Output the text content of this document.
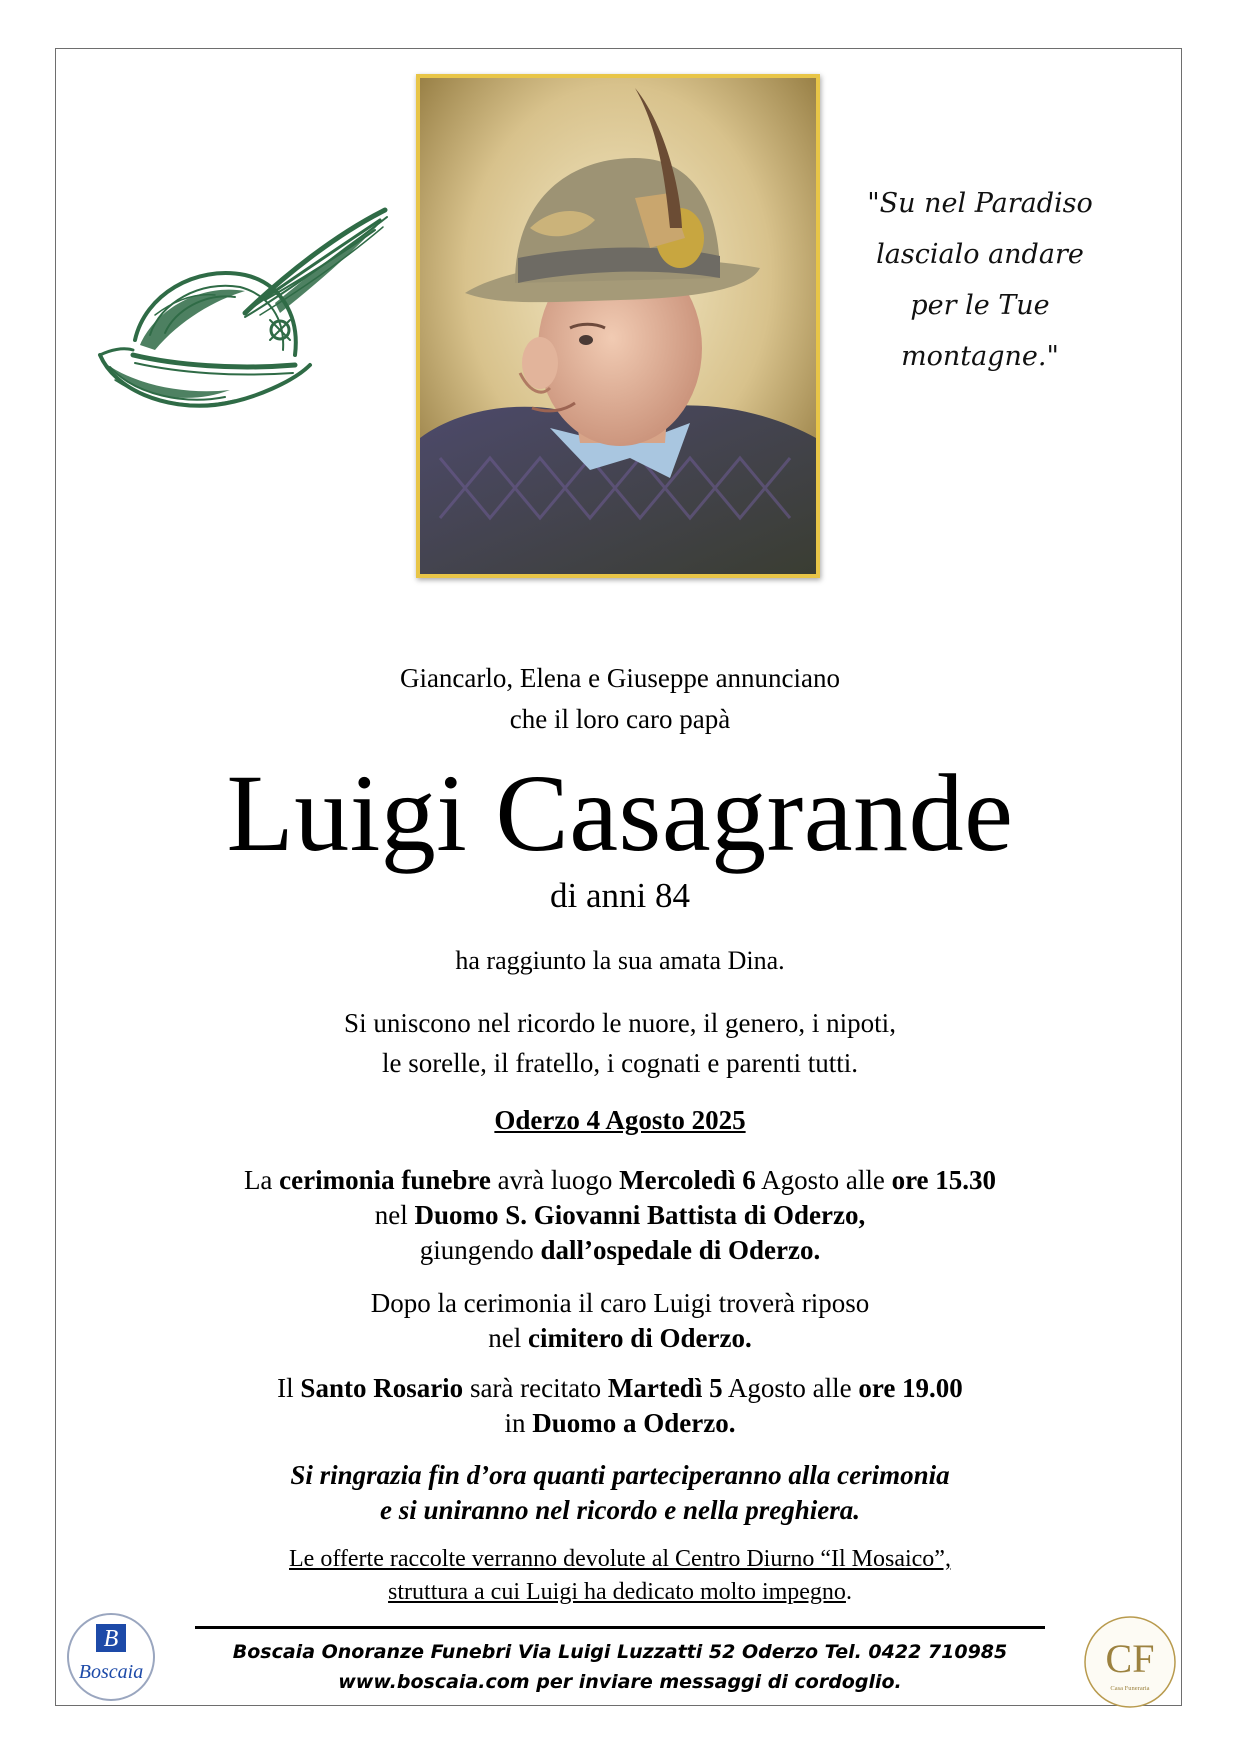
"Su nel Paradiso
lascialo andare
per le Tue
montagne."
Giancarlo, Elena e Giuseppe annunciano
che il loro caro papà
Luigi Casagrande
di anni 84
ha raggiunto la sua amata Dina.
Si uniscono nel ricordo le nuore, il genero, i nipoti,
le sorelle, il fratello, i cognati e parenti tutti.
Oderzo 4 Agosto 2025
La cerimonia funebre avrà luogo Mercoledì 6 Agosto alle ore 15.30
nel Duomo S. Giovanni Battista di Oderzo,
giungendo dall’ospedale di Oderzo.
Dopo la cerimonia il caro Luigi troverà riposo
nel cimitero di Oderzo.
Il Santo Rosario sarà recitato Martedì 5 Agosto alle ore 19.00
in Duomo a Oderzo.
Si ringrazia fin d’ora quanti parteciperanno alla cerimonia
e si uniranno nel ricordo e nella preghiera.
Le offerte raccolte verranno devolute al Centro Diurno “Il Mosaico”,
struttura a cui Luigi ha dedicato molto impegno.
Boscaia Onoranze Funebri Via Luigi Luzzatti 52 Oderzo Tel. 0422 710985
www.boscaia.com per inviare messaggi di cordoglio.
B
Boscaia	CF
Casa Funeraria
